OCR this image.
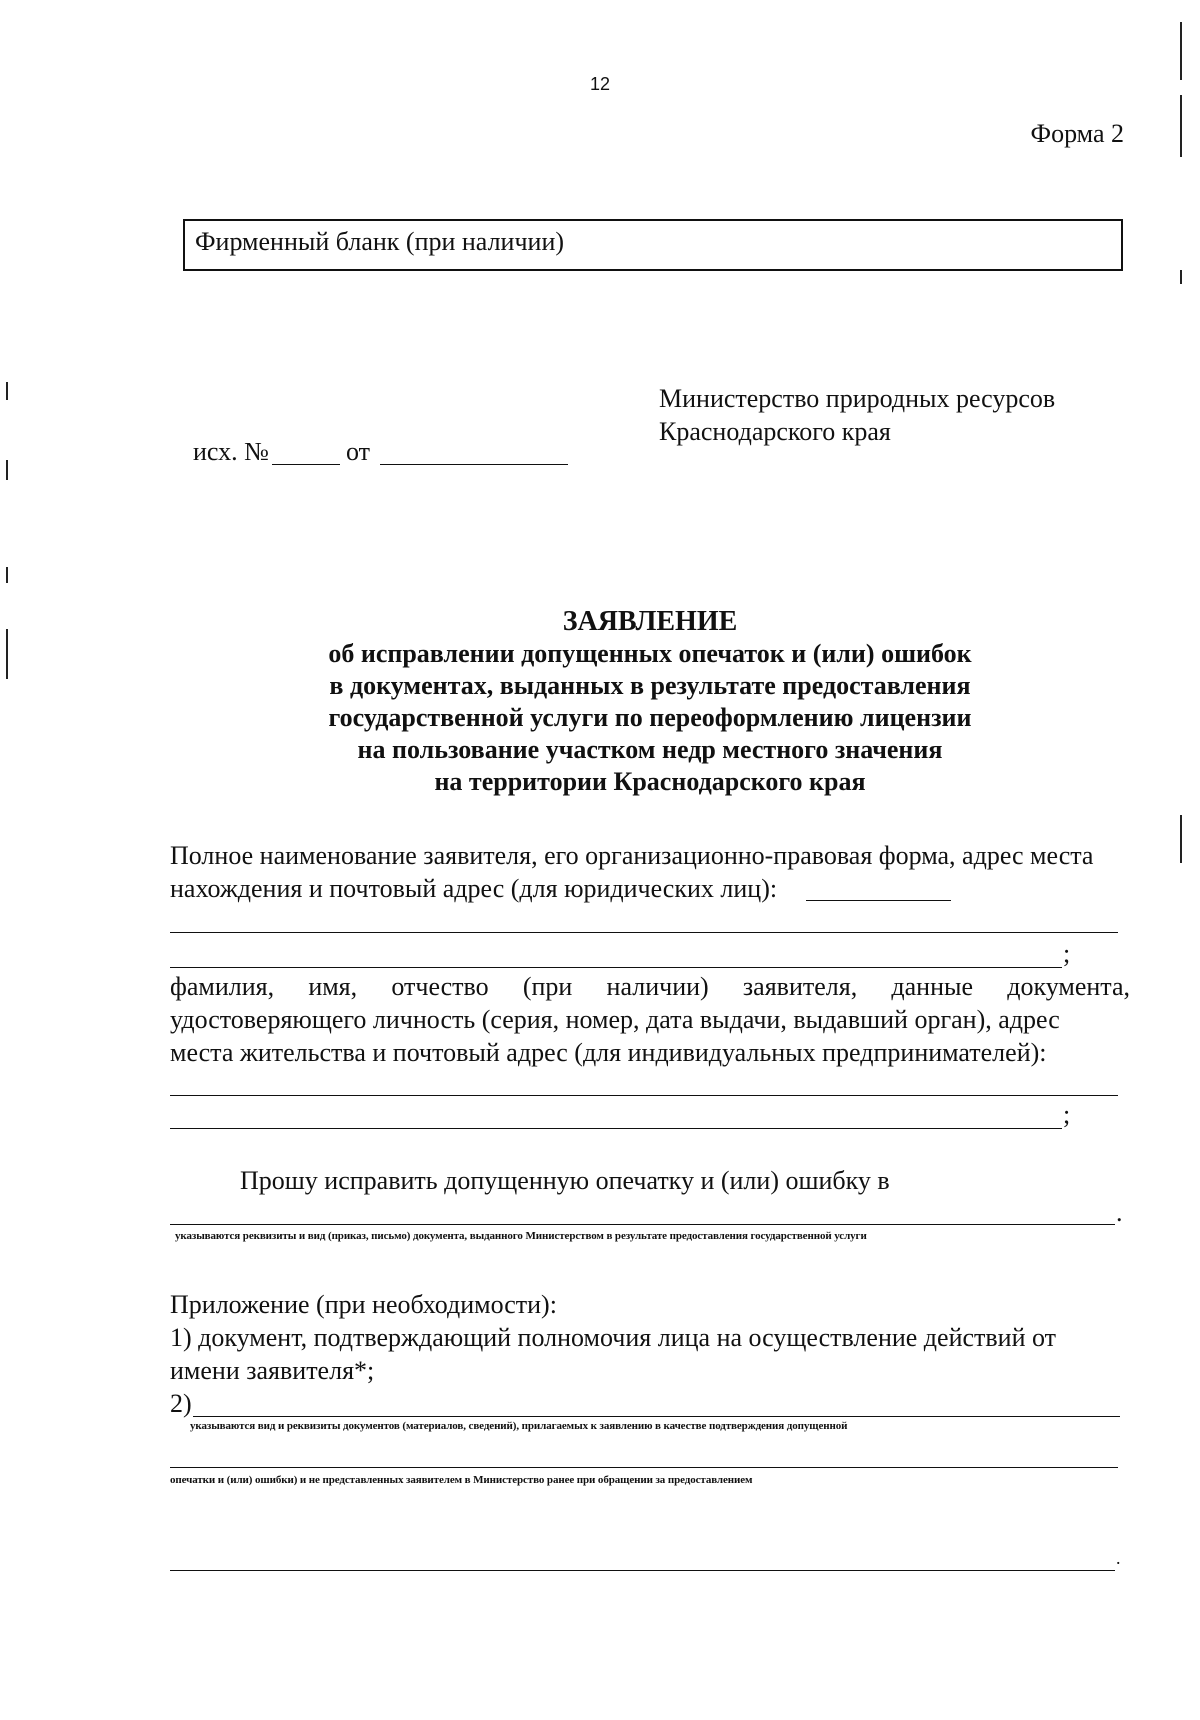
12
Форма 2
Фирменный бланк (при наличии)
Министерство природных ресурсов
Краснодарского края
исх. №	от
ЗАЯВЛЕНИЕ
об исправлении допущенных опечаток и (или) ошибок
в документах, выданных в результате предоставления
государственной услуги по переоформлению лицензии
на пользование участком недр местного значения
на территории Краснодарского края
Полное наименование заявителя, его организационно-правовая форма, адрес места
нахождения и почтовый адрес (для юридических лиц):
;
фамилия, имя, отчество (при наличии) заявителя, данные документа,
удостоверяющего личность (серия, номер, дата выдачи, выдавший орган), адрес
места жительства и почтовый адрес (для индивидуальных предпринимателей):
;
Прошу исправить допущенную опечатку и (или) ошибку в
.
указываются реквизиты и вид (приказ, письмо) документа, выданного Министерством в результате предоставления государственной услуги
Приложение (при необходимости):
1) документ, подтверждающий полномочия лица на осуществление действий от
имени заявителя*;
2)
указываются вид и реквизиты документов (материалов, сведений), прилагаемых к заявлению в качестве подтверждения допущенной
опечатки и (или) ошибки) и не представленных заявителем в Министерство ранее при обращении за предоставлением
.
